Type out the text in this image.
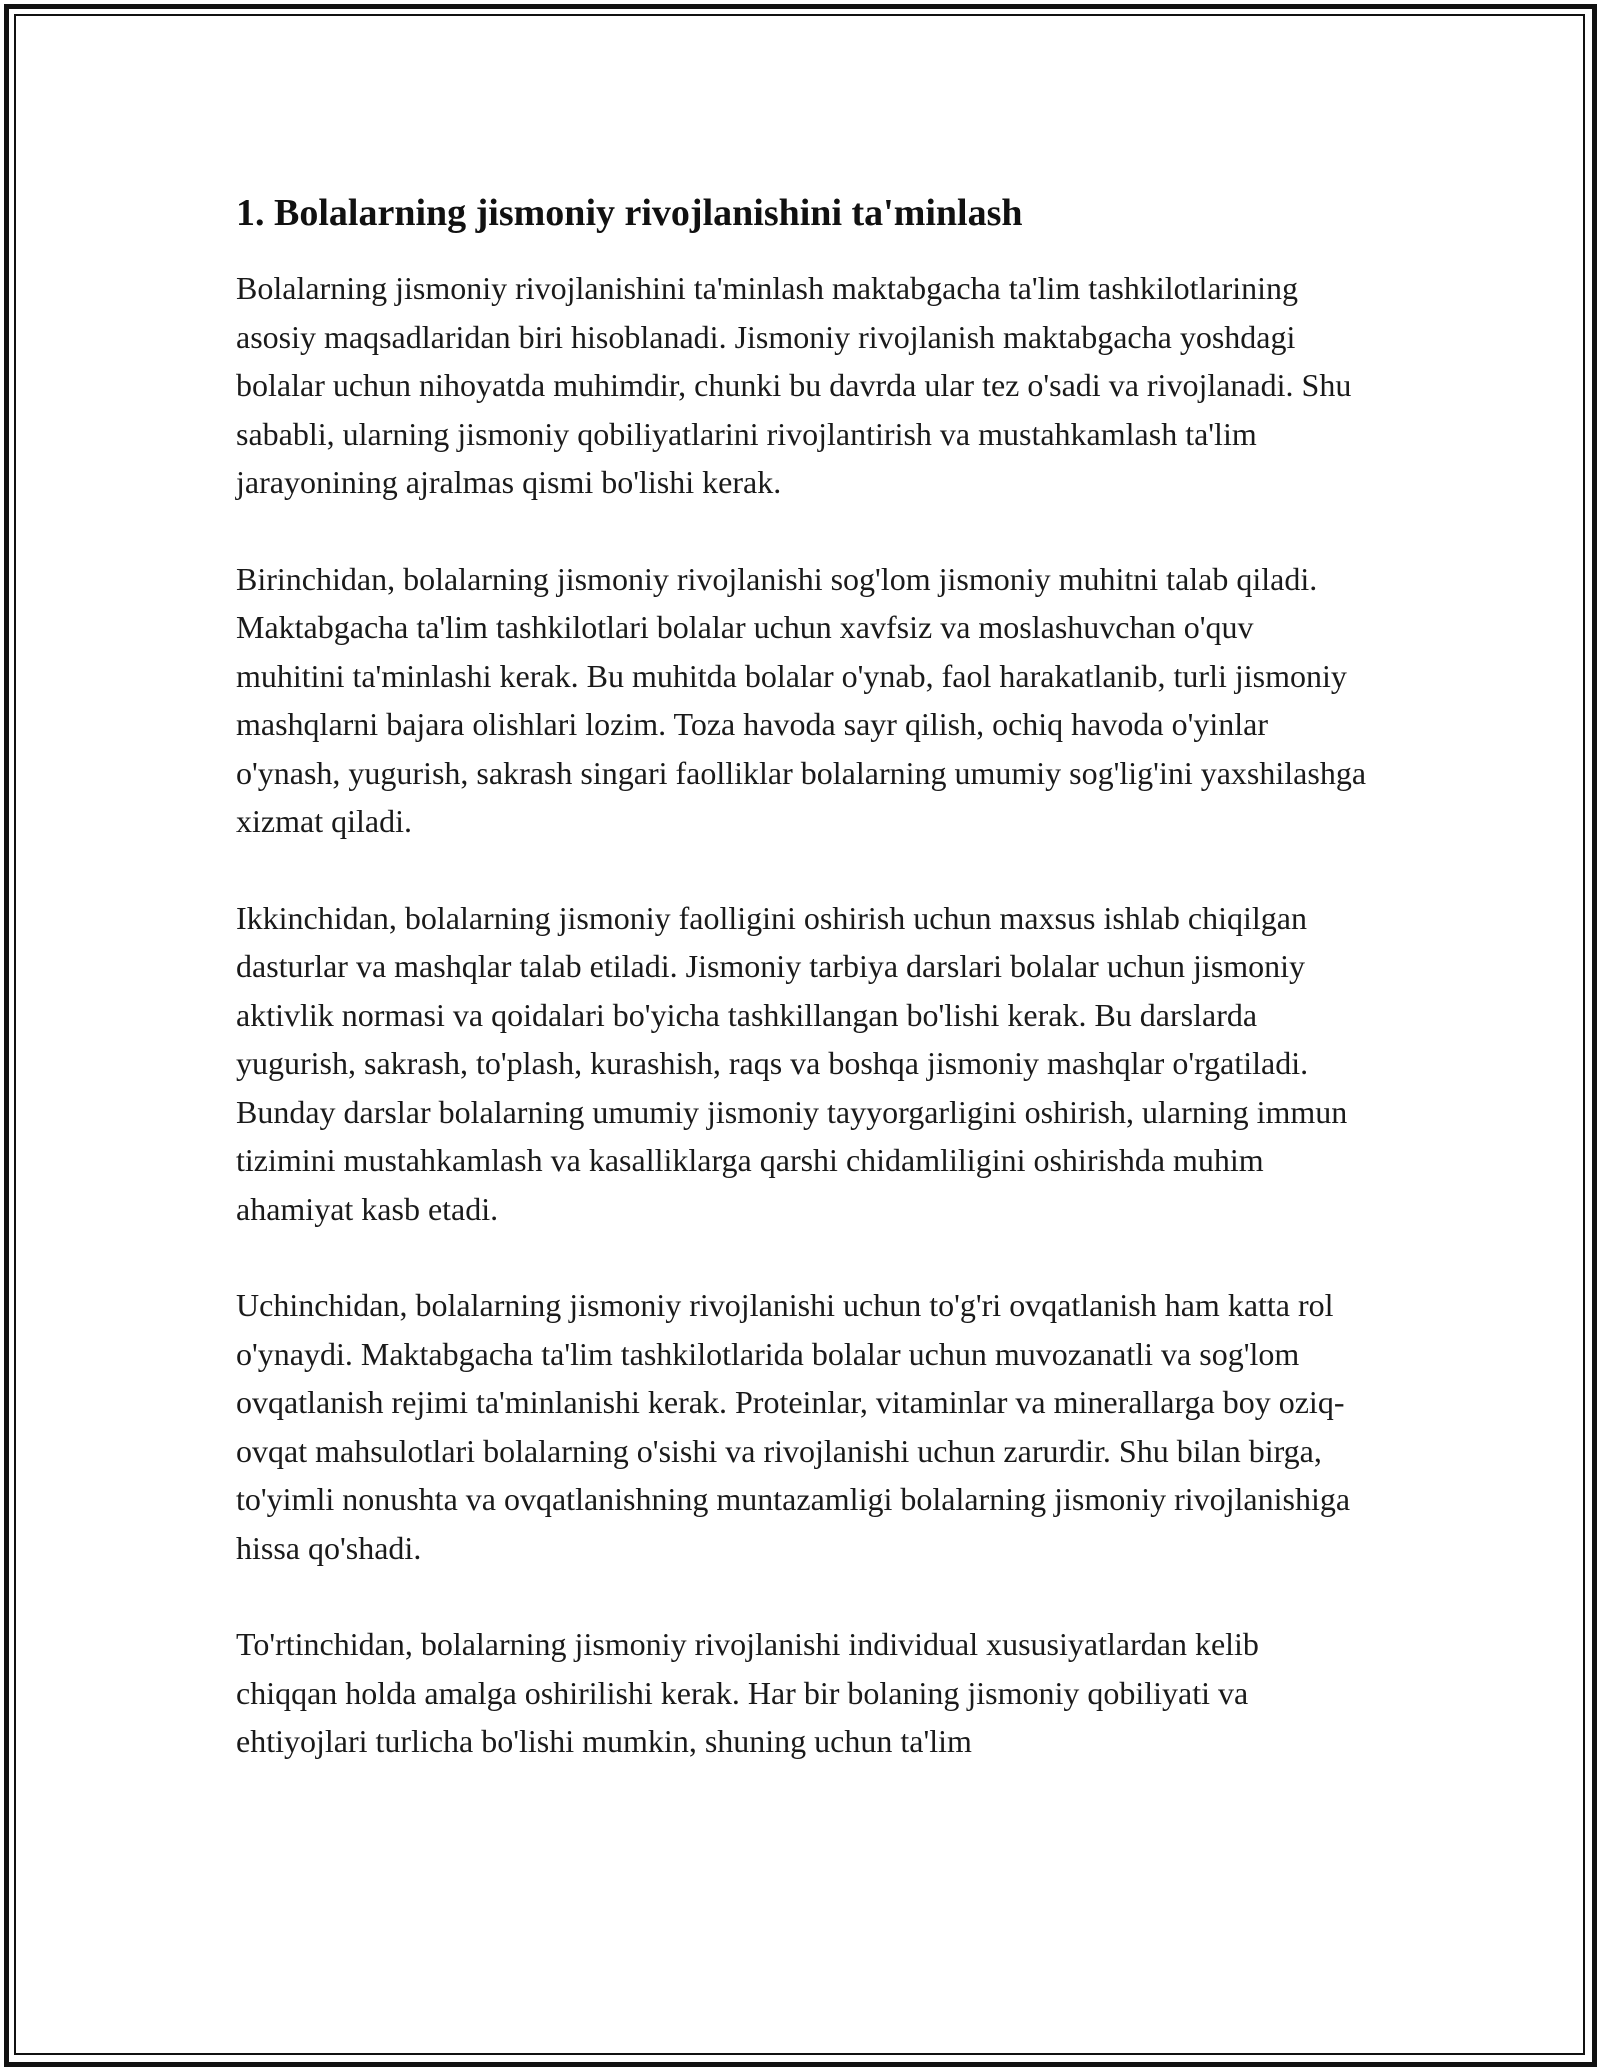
1. Bolalarning jismoniy rivojlanishini ta'minlash

Bolalarning jismoniy rivojlanishini ta'minlash maktabgacha ta'lim tashkilotlarining asosiy maqsadlaridan biri hisoblanadi. Jismoniy rivojlanish maktabgacha yoshdagi bolalar uchun nihoyatda muhimdir, chunki bu davrda ular tez o'sadi va rivojlanadi. Shu sababli, ularning jismoniy qobiliyatlarini rivojlantirish va mustahkamlash ta'lim jarayonining ajralmas qismi bo'lishi kerak.

Birinchidan, bolalarning jismoniy rivojlanishi sog'lom jismoniy muhitni talab qiladi. Maktabgacha ta'lim tashkilotlari bolalar uchun xavfsiz va moslashuvchan o'quv muhitini ta'minlashi kerak. Bu muhitda bolalar o'ynab, faol harakatlanib, turli jismoniy mashqlarni bajara olishlari lozim. Toza havoda sayr qilish, ochiq havoda o'yinlar o'ynash, yugurish, sakrash singari faolliklar bolalarning umumiy sog'lig'ini yaxshilashga xizmat qiladi.

Ikkinchidan, bolalarning jismoniy faolligini oshirish uchun maxsus ishlab chiqilgan dasturlar va mashqlar talab etiladi. Jismoniy tarbiya darslari bolalar uchun jismoniy aktivlik normasi va qoidalari bo'yicha tashkillangan bo'lishi kerak. Bu darslarda yugurish, sakrash, to'plash, kurashish, raqs va boshqa jismoniy mashqlar o'rgatiladi. Bunday darslar bolalarning umumiy jismoniy tayyorgarligini oshirish, ularning immun tizimini mustahkamlash va kasalliklarga qarshi chidamliligini oshirishda muhim ahamiyat kasb etadi.

Uchinchidan, bolalarning jismoniy rivojlanishi uchun to'g'ri ovqatlanish ham katta rol o'ynaydi. Maktabgacha ta'lim tashkilotlarida bolalar uchun muvozanatli va sog'lom ovqatlanish rejimi ta'minlanishi kerak. Proteinlar, vitaminlar va minerallarga boy oziq-ovqat mahsulotlari bolalarning o'sishi va rivojlanishi uchun zarurdir. Shu bilan birga, to'yimli nonushta va ovqatlanishning muntazamligi bolalarning jismoniy rivojlanishiga hissa qo'shadi.

To'rtinchidan, bolalarning jismoniy rivojlanishi individual xususiyatlardan kelib chiqqan holda amalga oshirilishi kerak. Har bir bolaning jismoniy qobiliyati va ehtiyojlari turlicha bo'lishi mumkin, shuning uchun ta'lim
